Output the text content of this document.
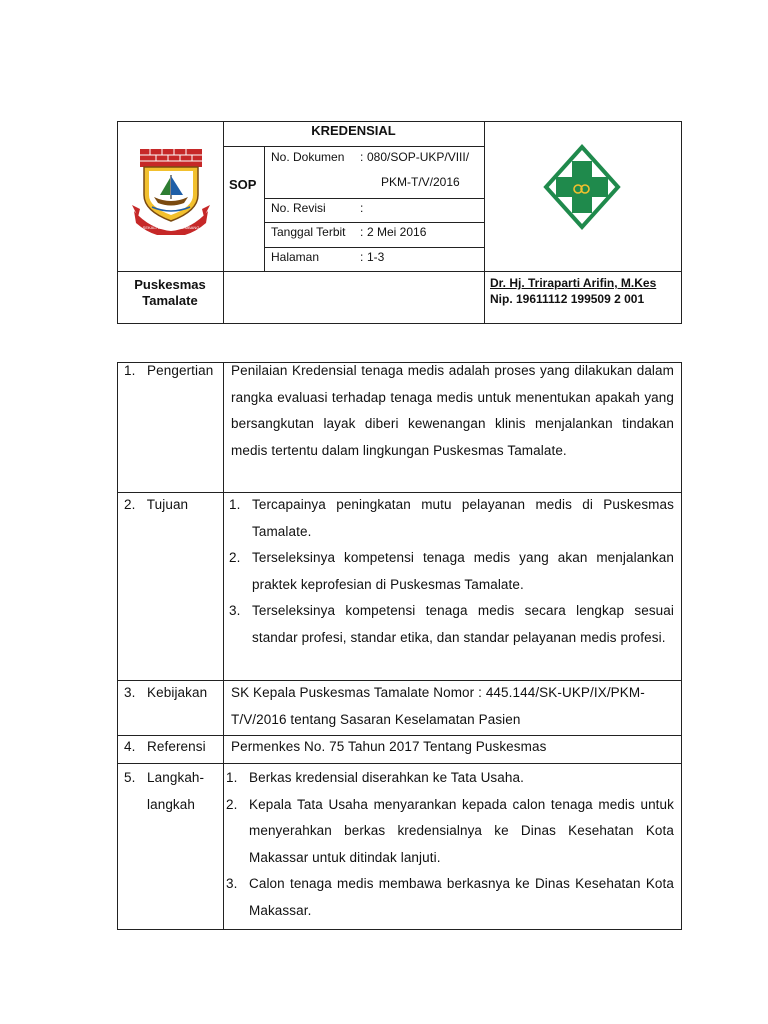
SEKALI LAYAR TERKEMBANG
KREDENSIAL
SOP
No. Dokumen : 080/SOP-UKP/VIII/
PKM-T/V/2016
No. Revisi	:
Tanggal Terbit : 2 Mei 2016
Halaman	: 1-3
Puskesmas
Tamalate
Dr. Hj. Triraparti Arifin, M.Kes
Nip. 19611112 199509 2 001
1. Pengertian Penilaian Kredensial tenaga medis adalah proses yang dilakukan dalam rangka evaluasi terhadap tenaga medis untuk menentukan apakah yang bersangkutan layak diberi kewenangan klinis menjalankan tindakan medis tertentu dalam lingkungan Puskesmas Tamalate.
2. Tujuan	1. Tercapainya peningkatan mutu pelayanan medis di Puskesmas Tamalate.
2. Terseleksinya kompetensi tenaga medis yang akan menjalankan praktek keprofesian di Puskesmas Tamalate.
3. Terseleksinya kompetensi tenaga medis secara lengkap sesuai standar profesi, standar etika, dan standar pelayanan medis profesi.
3. Kebijakan SK Kepala Puskesmas Tamalate Nomor : 445.144/SK-UKP/IX/PKM-T/V/2016 tentang Sasaran Keselamatan Pasien
4. Referensi Permenkes No. 75 Tahun 2017 Tentang Puskesmas
5. Langkah-
langkah
1. Berkas kredensial diserahkan ke Tata Usaha.
2. Kepala Tata Usaha menyarankan kepada calon tenaga medis untuk menyerahkan berkas kredensialnya ke Dinas Kesehatan Kota Makassar untuk ditindak lanjuti.
3. Calon tenaga medis membawa berkasnya ke Dinas Kesehatan Kota Makassar.
